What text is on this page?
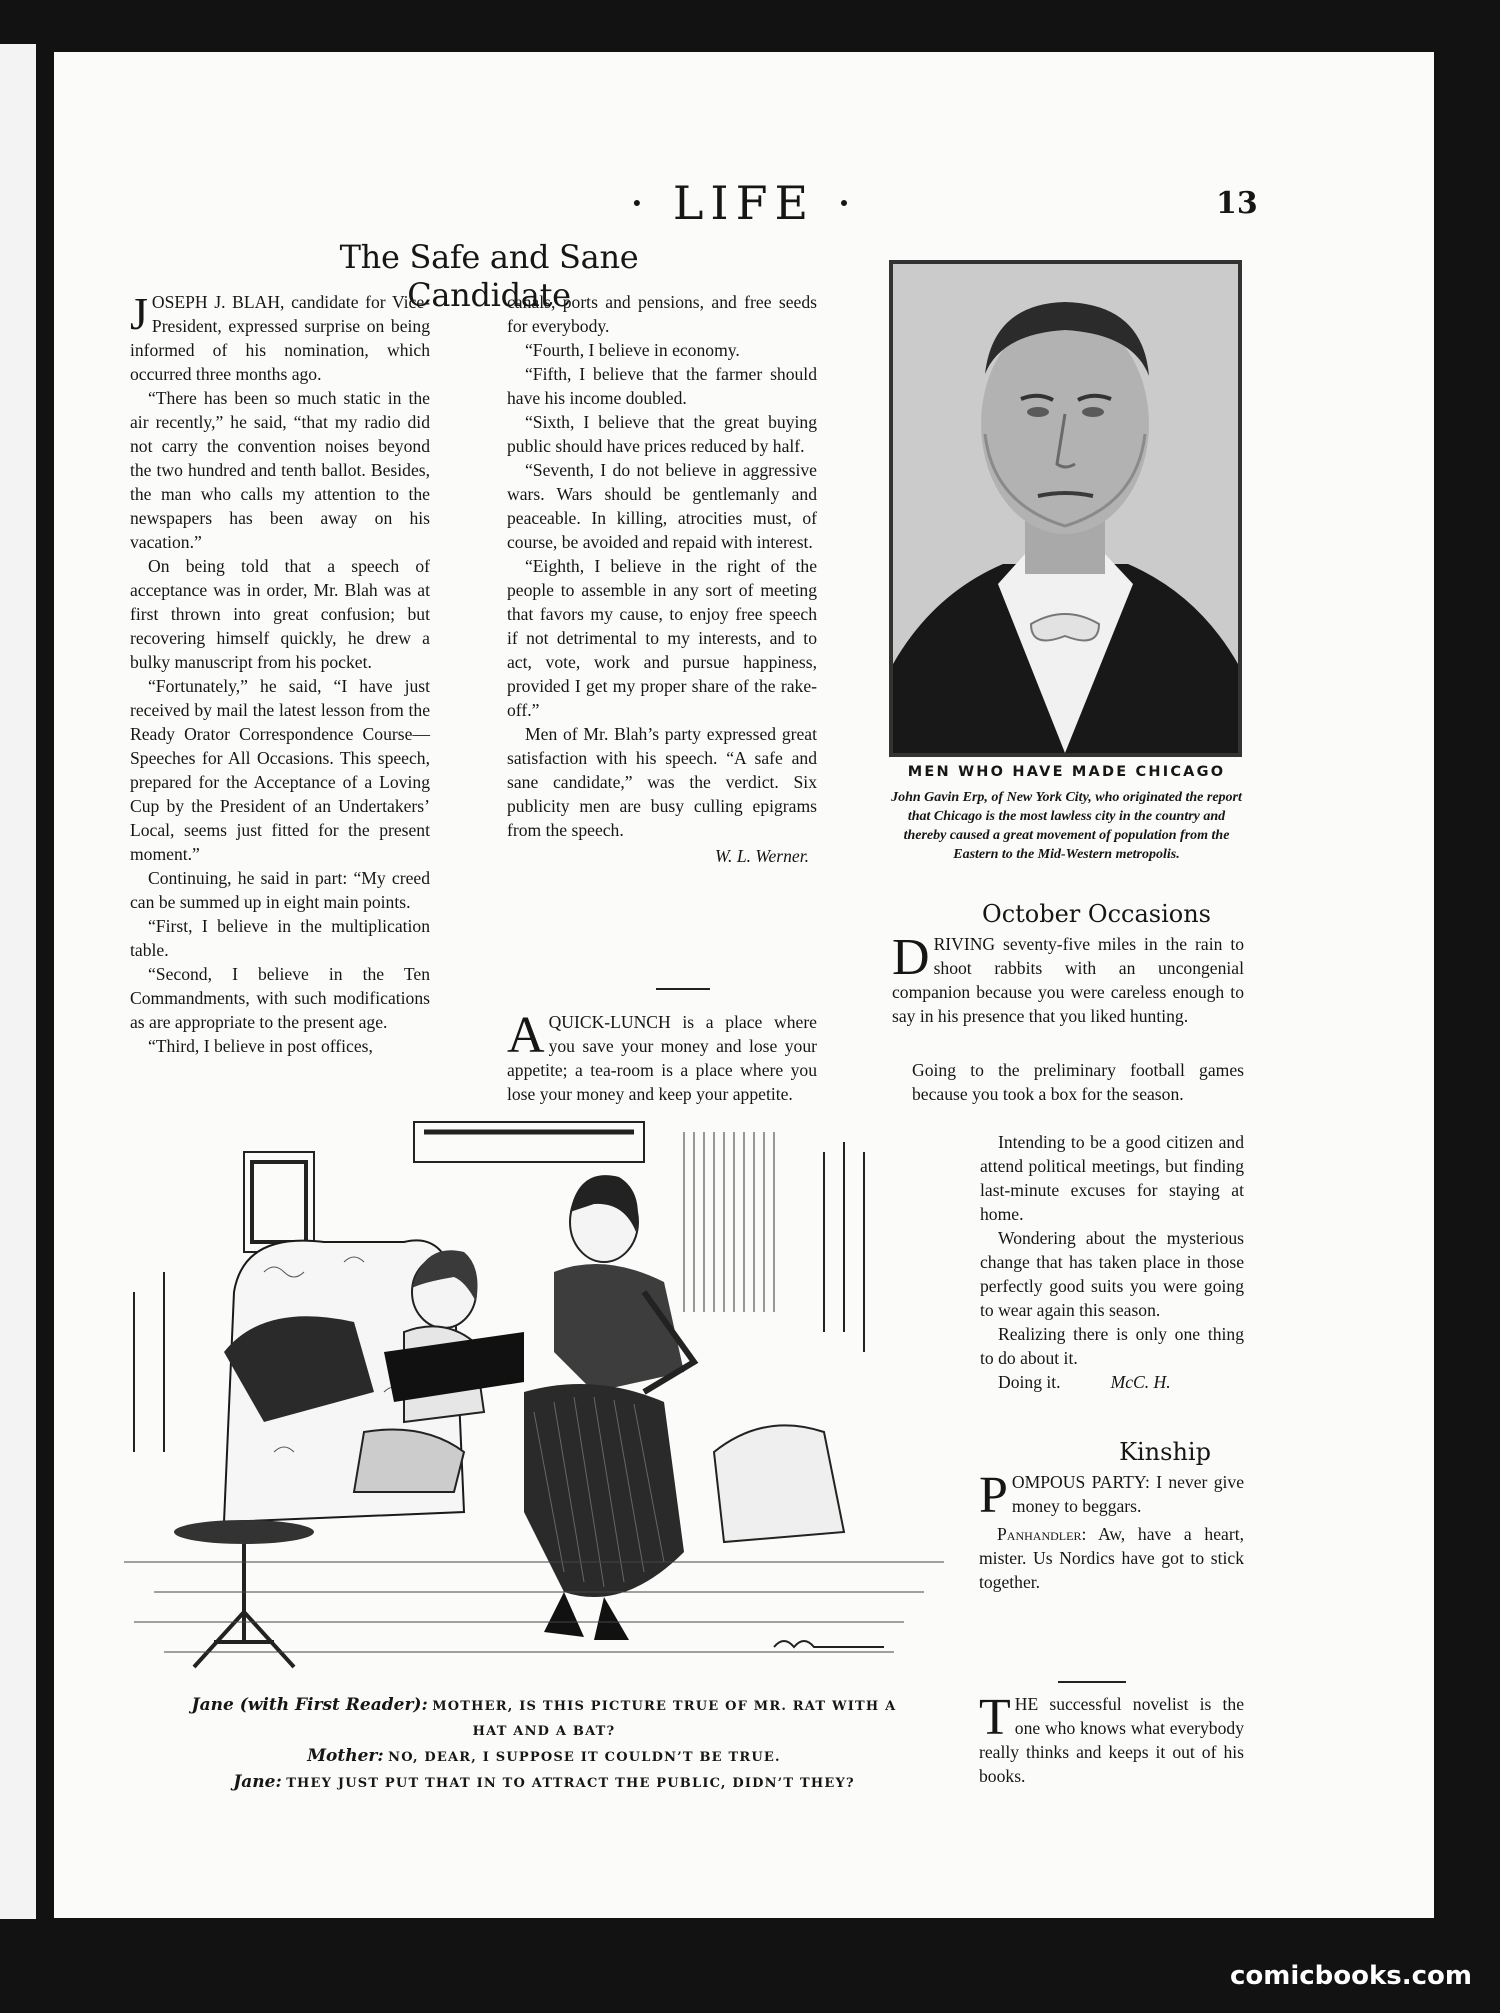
· LIFE ·	13
The Safe and Sane Candidate

JOSEPH J. BLAH, candidate for Vice-President, expressed surprise on being informed of his nomination, which occurred three months ago.

“There has been so much static in the air recently,” he said, “that my radio did not carry the convention noises beyond the two hundred and tenth ballot. Besides, the man who calls my attention to the newspapers has been away on his vacation.”

On being told that a speech of acceptance was in order, Mr. Blah was at first thrown into great confusion; but recovering himself quickly, he drew a bulky manuscript from his pocket.

“Fortunately,” he said, “I have just received by mail the latest lesson from the Ready Orator Correspondence Course—Speeches for All Occasions. This speech, prepared for the Acceptance of a Loving Cup by the President of an Undertakers’ Local, seems just fitted for the present moment.”

Continuing, he said in part: “My creed can be summed up in eight main points.

“First, I believe in the multiplication table.

“Second, I believe in the Ten Commandments, with such modifications as are appropriate to the present age.

“Third, I believe in post offices,

canals, ports and pensions, and free seeds for everybody.

“Fourth, I believe in economy.

“Fifth, I believe that the farmer should have his income doubled.

“Sixth, I believe that the great buying public should have prices reduced by half.

“Seventh, I do not believe in aggressive wars. Wars should be gentlemanly and peaceable. In killing, atrocities must, of course, be avoided and repaid with interest.

“Eighth, I believe in the right of the people to assemble in any sort of meeting that favors my cause, to enjoy free speech if not detrimental to my interests, and to act, vote, work and pursue happiness, provided I get my proper share of the rake-off.”

Men of Mr. Blah’s party expressed great satisfaction with his speech. “A safe and sane candidate,” was the verdict. Six publicity men are busy culling epigrams from the speech.

W. L. Werner.

AQUICK-LUNCH is a place where you save your money and lose your appetite; a tea-room is a place where you lose your money and keep your appetite.

MEN WHO HAVE MADE CHICAGO
John Gavin Erp, of New York City, who originated the report that Chicago is the most lawless city in the country and thereby caused a great movement of population from the Eastern to the Mid-Western metropolis.
October Occasions

DRIVING seventy-five miles in the rain to shoot rabbits with an uncongenial companion because you were careless enough to say in his presence that you liked hunting.

Going to the preliminary football games because you took a box for the season.

Intending to be a good citizen and attend political meetings, but finding last-minute excuses for staying at home.

Wondering about the mysterious change that has taken place in those perfectly good suits you were going to wear again this season.

Realizing there is only one thing to do about it.

Doing it.	McC. H.

Kinship

POMPOUS PARTY: I never give money to beggars.

Panhandler: Aw, have a heart, mister. Us Nordics have got to stick together.

THE successful novelist is the one who knows what everybody really thinks and keeps it out of his books.

Jane (with First Reader): MOTHER, IS THIS PICTURE TRUE OF MR. RAT WITH A HAT AND A BAT?
Mother: NO, DEAR, I SUPPOSE IT COULDN’T BE TRUE.
Jane: THEY JUST PUT THAT IN TO ATTRACT THE PUBLIC, DIDN’T THEY?
comicbooks.com
